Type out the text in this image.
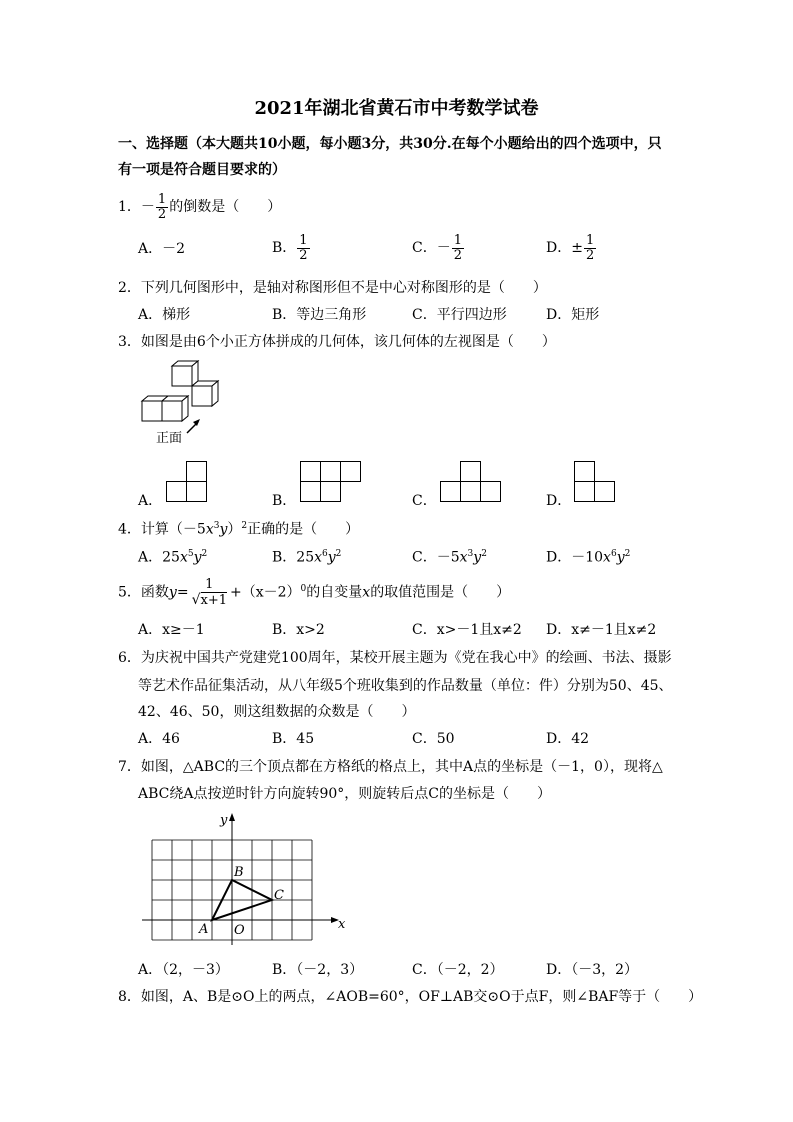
2021年湖北省黄石市中考数学试卷
一、选择题（本大题共10小题，每小题3分，共30分.在每个小题给出的四个选项中，只
有一项是符合题目要求的）
1．－ $\frac{1}{2}$ 的倒数是（　　）
A．－2	B． $\frac{1}{2}$	C．－ $\frac{1}{2}$	D．± $\frac{1}{2}$
2．下列几何图形中，是轴对称图形但不是中心对称图形的是（　　）
A．梯形	B．等边三角形	C．平行四边形	D．矩形
3．如图是由6个小正方体拼成的几何体，该几何体的左视图是（　　）
正面
A．	B．	C．	D．
4．计算$(-5x^3y)^2$正确的是（　　）
A．$25x^5y^2$	B．$25x^6y^2$	C．$-5x^3y^2$	D．$-10x^6y^2$
5．函数$y= \frac{1}{√x+1} +(x-2)^0$的自变量x的取值范围是（　　）
A．x≥－1	B．x>2	C．x>－1且x≠2 D．x≠－1且x≠2
6．为庆祝中国共产党建党100周年，某校开展主题为《党在我心中》的绘画、书法、摄影
等艺术作品征集活动，从八年级5个班收集到的作品数量（单位：件）分别为50、45、
42、46、50，则这组数据的众数是（　　）
A．46	B．45	C．50	D．42
7．如图，△ABC的三个顶点都在方格纸的格点上，其中A点的坐标是（－1，0），现将△
ABC绕A点按逆时针方向旋转90°，则旋转后点C的坐标是（　　）
y
x
A
B
C
O
A．（2，－3）	B．（－2，3）	C．（－2，2）	D．（－3，2）
8．如图，A、B是⊙O上的两点，∠AOB=60°，OF⊥AB交⊙O于点F，则∠BAF等于（　　）
